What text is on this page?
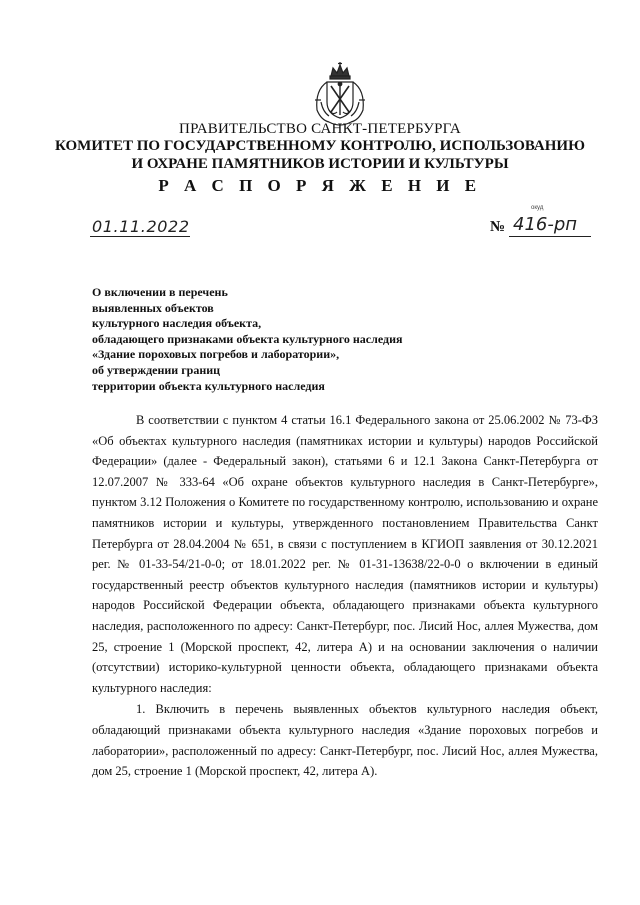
ПРАВИТЕЛЬСТВО САНКТ-ПЕТЕРБУРГА
КОМИТЕТ ПО ГОСУДАРСТВЕННОМУ КОНТРОЛЮ, ИСПОЛЬЗОВАНИЮ
И ОХРАНЕ ПАМЯТНИКОВ ИСТОРИИ И КУЛЬТУРЫ
Р А С П О Р Я Ж Е Н И Е
окуд
01.11.2022	№ 416-рп
О включении в перечень
выявленных объектов
культурного наследия объекта,
обладающего признаками объекта культурного наследия
«Здание пороховых погребов и лаборатории»,
об утверждении границ
территории объекта культурного наследия

В соответствии с пунктом 4 статьи 16.1 Федерального закона от 25.06.2002 № 73-ФЗ «Об объектах культурного наследия (памятниках истории и культуры) народов Российской Федерации» (далее - Федеральный закон), статьями 6 и 12.1 Закона Санкт-Петербурга от 12.07.2007 № 333-64 «Об охране объектов культурного наследия в Санкт-Петербурге», пунктом 3.12 Положения о Комитете по государственному контролю, использованию и охране памятников истории и культуры, утвержденного постановлением Правительства Санкт Петербурга от 28.04.2004 № 651, в связи с поступлением в КГИОП заявления от 30.12.2021 рег. № 01-33-54/21-0-0; от 18.01.2022 рег. № 01-31-13638/22-0-0 о включении в единый государственный реестр объектов культурного наследия (памятников истории и культуры) народов Российской Федерации объекта, обладающего признаками объекта культурного наследия, расположенного по адресу: Санкт-Петербург, пос. Лисий Нос, аллея Мужества, дом 25, строение 1 (Морской проспект, 42, литера А) и на основании заключения о наличии (отсутствии) историко-культурной ценности объекта, обладающего признаками объекта культурного наследия:

1. Включить в перечень выявленных объектов культурного наследия объект, обладающий признаками объекта культурного наследия «Здание пороховых погребов и лаборатории», расположенный по адресу: Санкт-Петербург, пос. Лисий Нос, аллея Мужества, дом 25, строение 1 (Морской проспект, 42, литера А).
